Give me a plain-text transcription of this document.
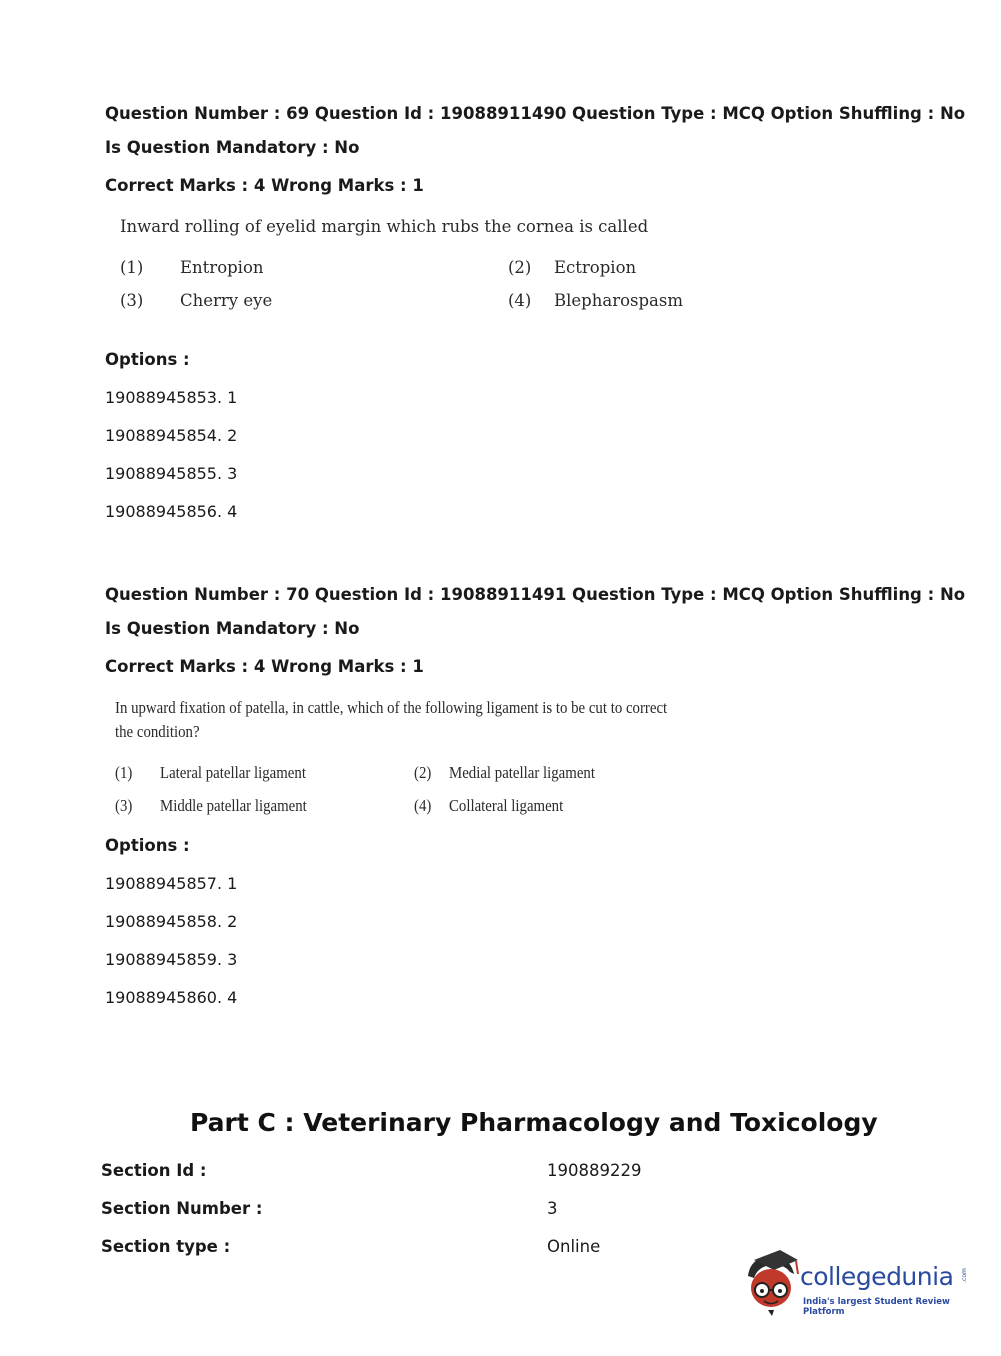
Question Number : 69 Question Id : 19088911490 Question Type : MCQ Option Shuffling : No
Is Question Mandatory : No
Correct Marks : 4 Wrong Marks : 1
Inward rolling of eyelid margin which rubs the cornea is called
(1) Entropion	(2) Ectropion
(3) Cherry eye	(4) Blepharospasm
Options :
19088945853. 1
19088945854. 2
19088945855. 3
19088945856. 4
Question Number : 70 Question Id : 19088911491 Question Type : MCQ Option Shuffling : No
Is Question Mandatory : No
Correct Marks : 4 Wrong Marks : 1
In upward fixation of patella, in cattle, which of the following ligament is to be cut to correct
the condition?
(1) Lateral patellar ligament	(2) Medial patellar ligament
(3) Middle patellar ligament	(4) Collateral ligament
Options :
19088945857. 1
19088945858. 2
19088945859. 3
19088945860. 4
Part C : Veterinary Pharmacology and Toxicology
Section Id :	190889229
Section Number :	3
Section type :	Online
collegedunia .com
India's largest Student Review Platform
